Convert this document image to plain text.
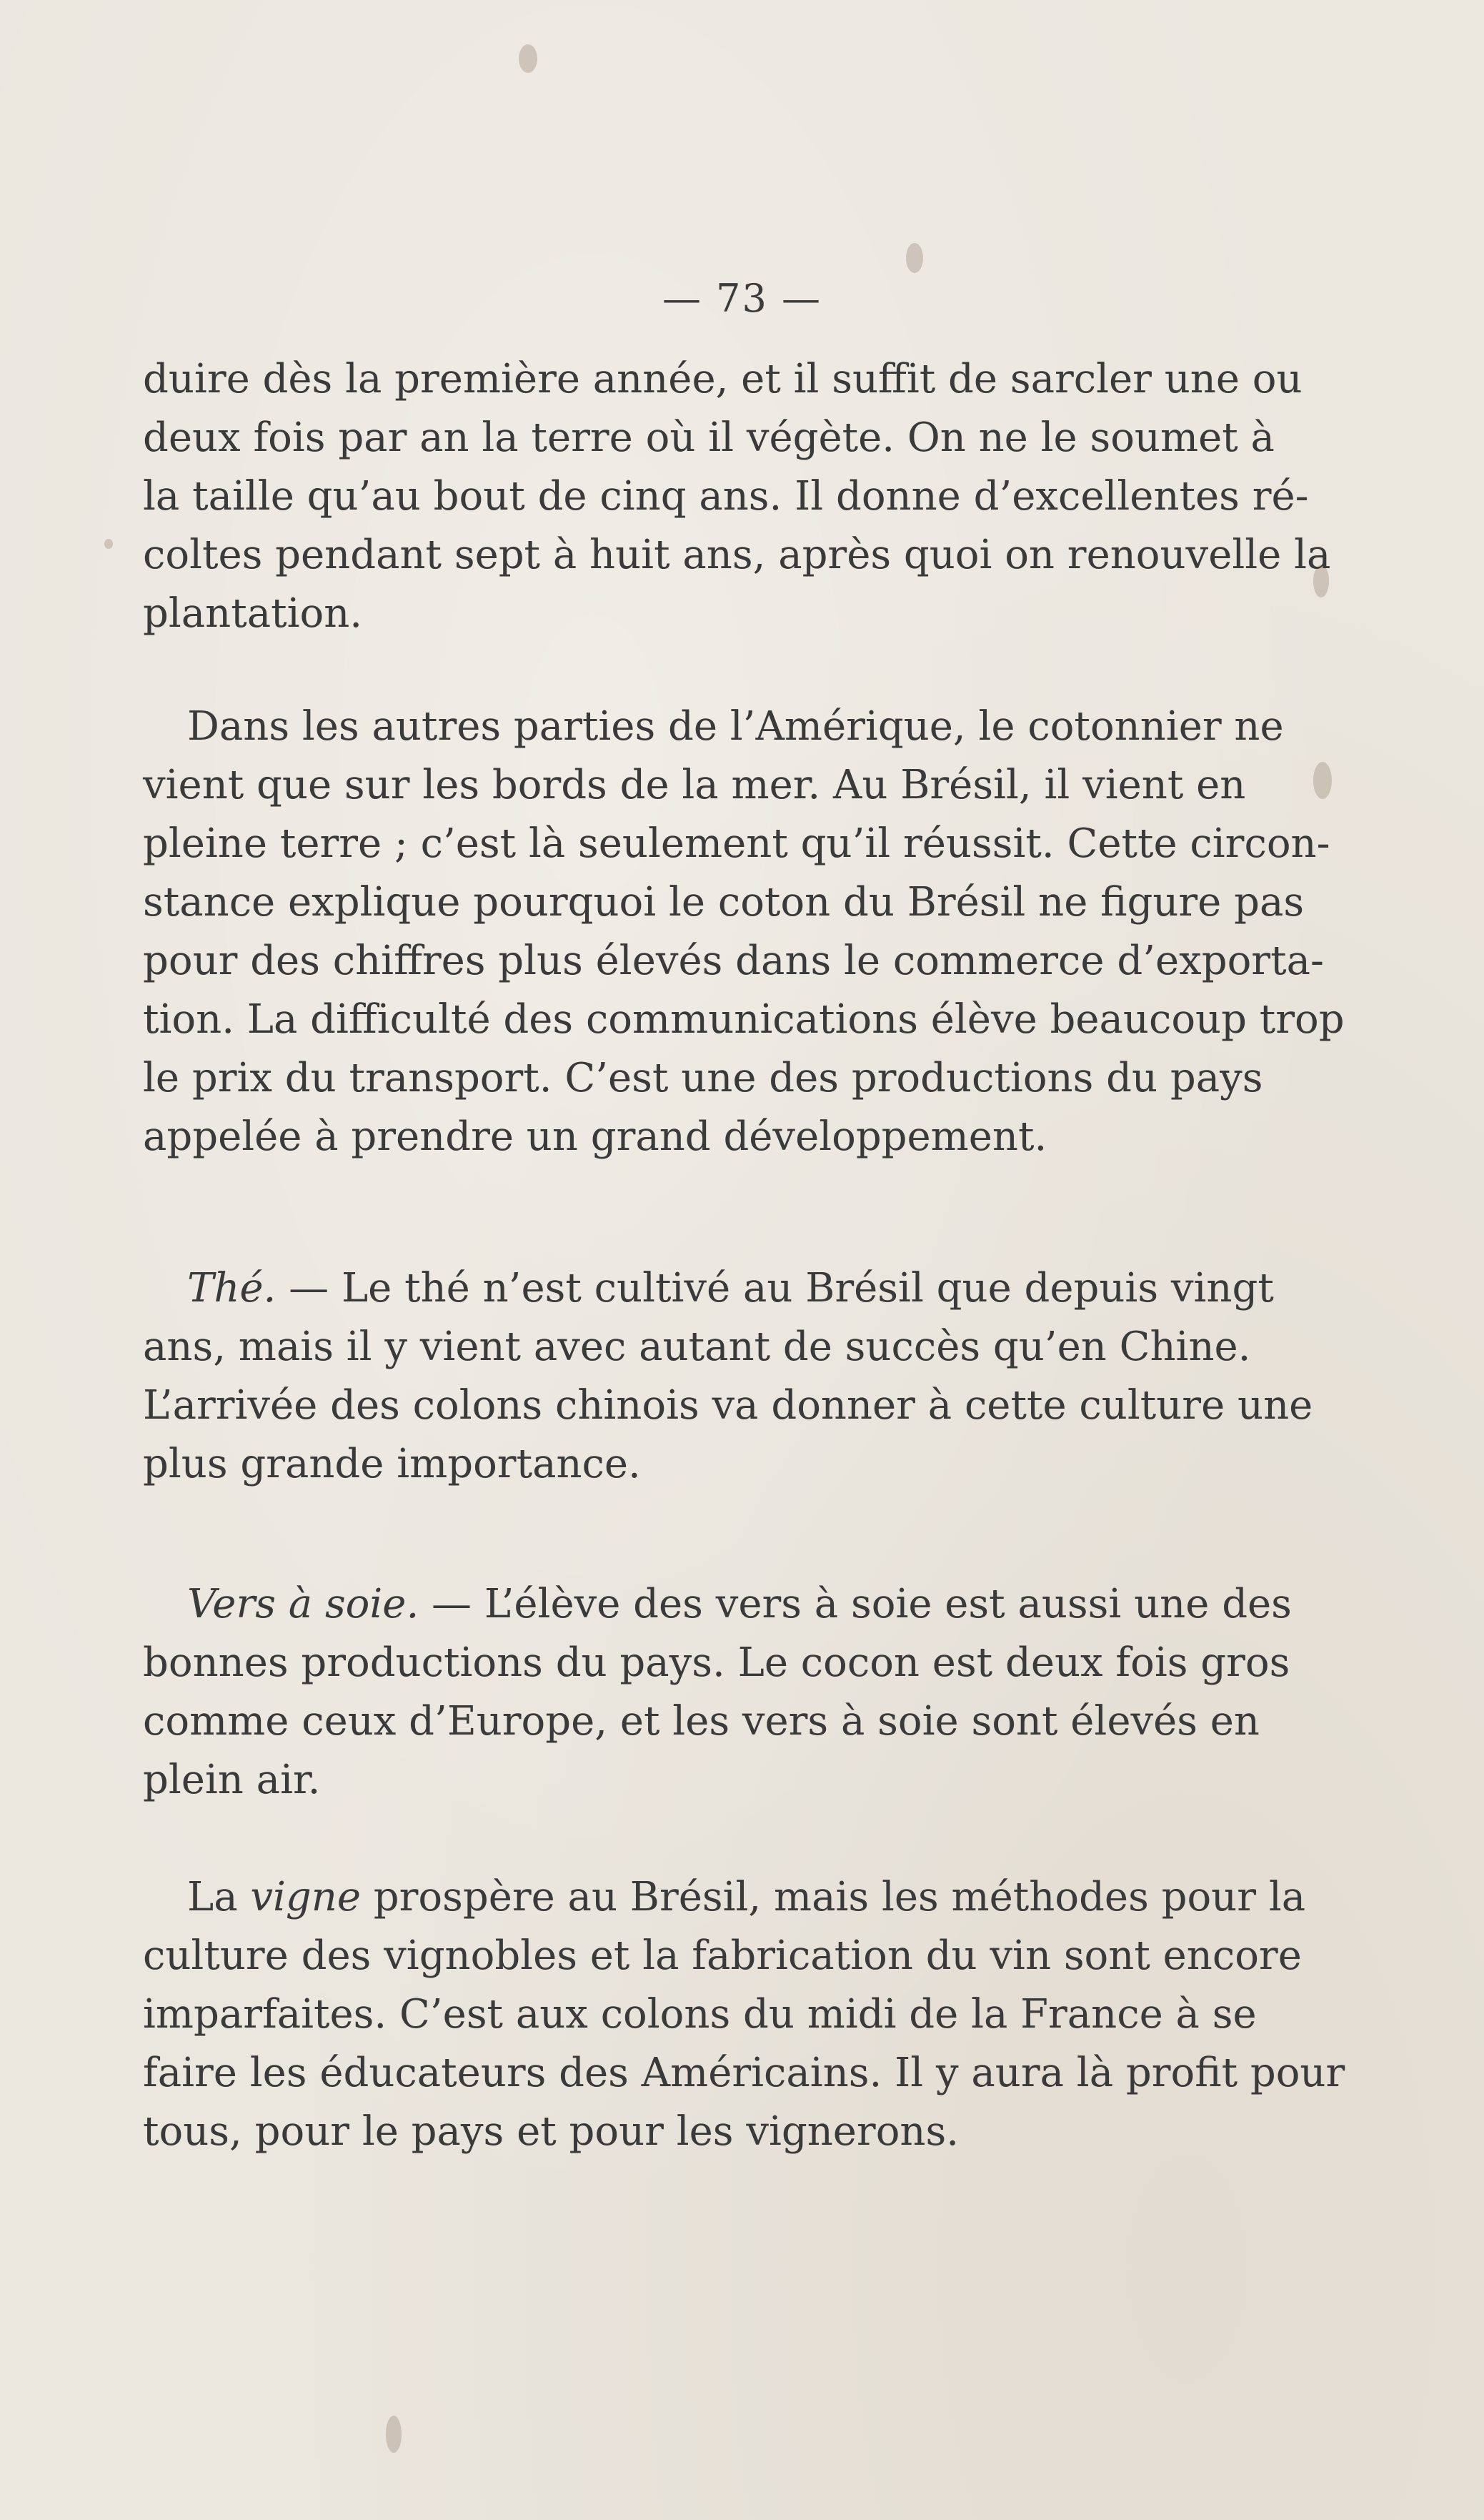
— 73 —
duire dès la première année, et il suffit de sarcler une ou
deux fois par an la terre où il végète. On ne le soumet à
la taille qu’au bout de cinq ans. Il donne d’excellentes ré-
coltes pendant sept à huit ans, après quoi on renouvelle la
plantation.
Dans les autres parties de l’Amérique, le cotonnier ne
vient que sur les bords de la mer. Au Brésil, il vient en
pleine terre ; c’est là seulement qu’il réussit. Cette circon-
stance explique pourquoi le coton du Brésil ne figure pas
pour des chiffres plus élevés dans le commerce d’exporta-
tion. La difficulté des communications élève beaucoup trop
le prix du transport. C’est une des productions du pays
appelée à prendre un grand développement.
Thé. — Le thé n’est cultivé au Brésil que depuis vingt
ans, mais il y vient avec autant de succès qu’en Chine.
L’arrivée des colons chinois va donner à cette culture une
plus grande importance.
Vers à soie. — L’élève des vers à soie est aussi une des
bonnes productions du pays. Le cocon est deux fois gros
comme ceux d’Europe, et les vers à soie sont élevés en
plein air.
La vigne prospère au Brésil, mais les méthodes pour la
culture des vignobles et la fabrication du vin sont encore
imparfaites. C’est aux colons du midi de la France à se
faire les éducateurs des Américains. Il y aura là profit pour
tous, pour le pays et pour les vignerons.
